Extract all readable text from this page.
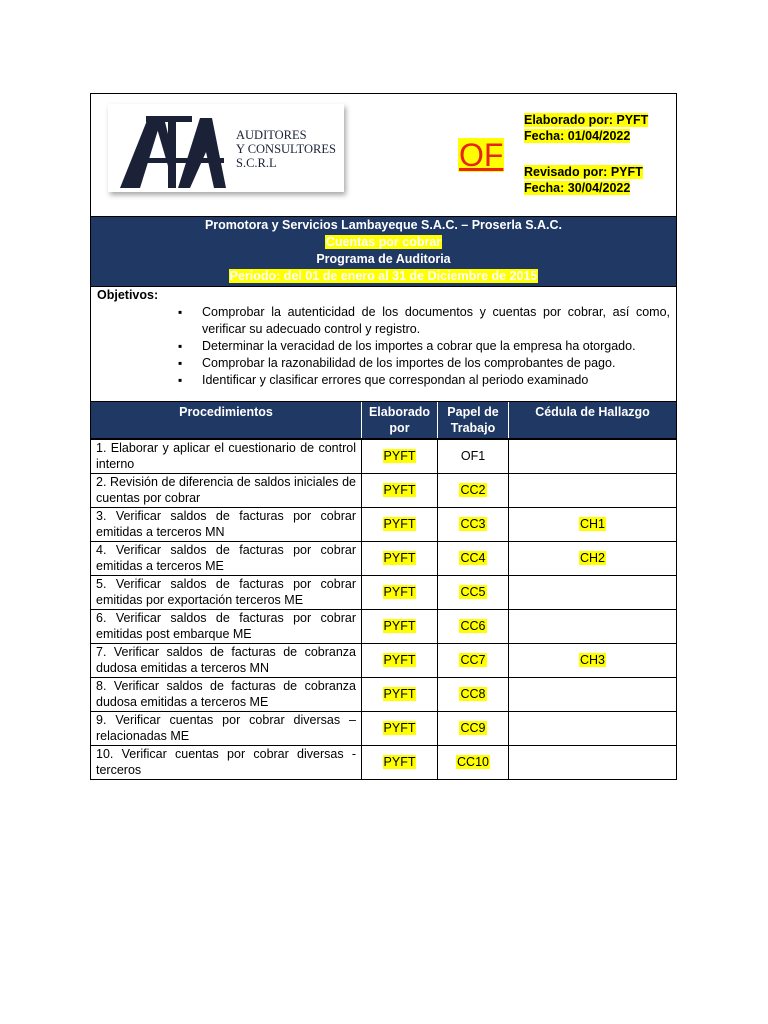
AUDITORES
Y CONSULTORES
S.C.R.L	OF
Elaborado por: PYFT
Fecha: 01/04/2022
Revisado por: PYFT
Fecha: 30/04/2022
Promotora y Servicios Lambayeque S.A.C. – Proserla S.A.C.
Cuentas por cobrar
Programa de Auditoria
Periodo: del 01 de enero al 31 de Diciembre de 2015
Objetivos:
▪ Comprobar la autenticidad de los documentos y cuentas por cobrar, así como, verificar su adecuado control y registro.
▪ Determinar la veracidad de los importes a cobrar que la empresa ha otorgado.
▪ Comprobar la razonabilidad de los importes de los comprobantes de pago.
▪ Identificar y clasificar errores que correspondan al periodo examinado
Procedimientos	Elaborado por	Papel de Trabajo	Cédula de Hallazgo
1. Elaborar y aplicar el cuestionario de control interno	PYFT	OF1	
2. Revisión de diferencia de saldos iniciales de cuentas por cobrar	PYFT	CC2	
3. Verificar saldos de facturas por cobrar emitidas a terceros MN	PYFT	CC3	CH1
4. Verificar saldos de facturas por cobrar emitidas a terceros ME	PYFT	CC4	CH2
5. Verificar saldos de facturas por cobrar emitidas por exportación terceros ME	PYFT	CC5	
6. Verificar saldos de facturas por cobrar emitidas post embarque ME	PYFT	CC6	
7. Verificar saldos de facturas de cobranza dudosa emitidas a terceros MN	PYFT	CC7	CH3
8. Verificar saldos de facturas de cobranza dudosa emitidas a terceros ME	PYFT	CC8	
9. Verificar cuentas por cobrar diversas – relacionadas ME	PYFT	CC9	
10. Verificar cuentas por cobrar diversas - terceros	PYFT	CC10	
